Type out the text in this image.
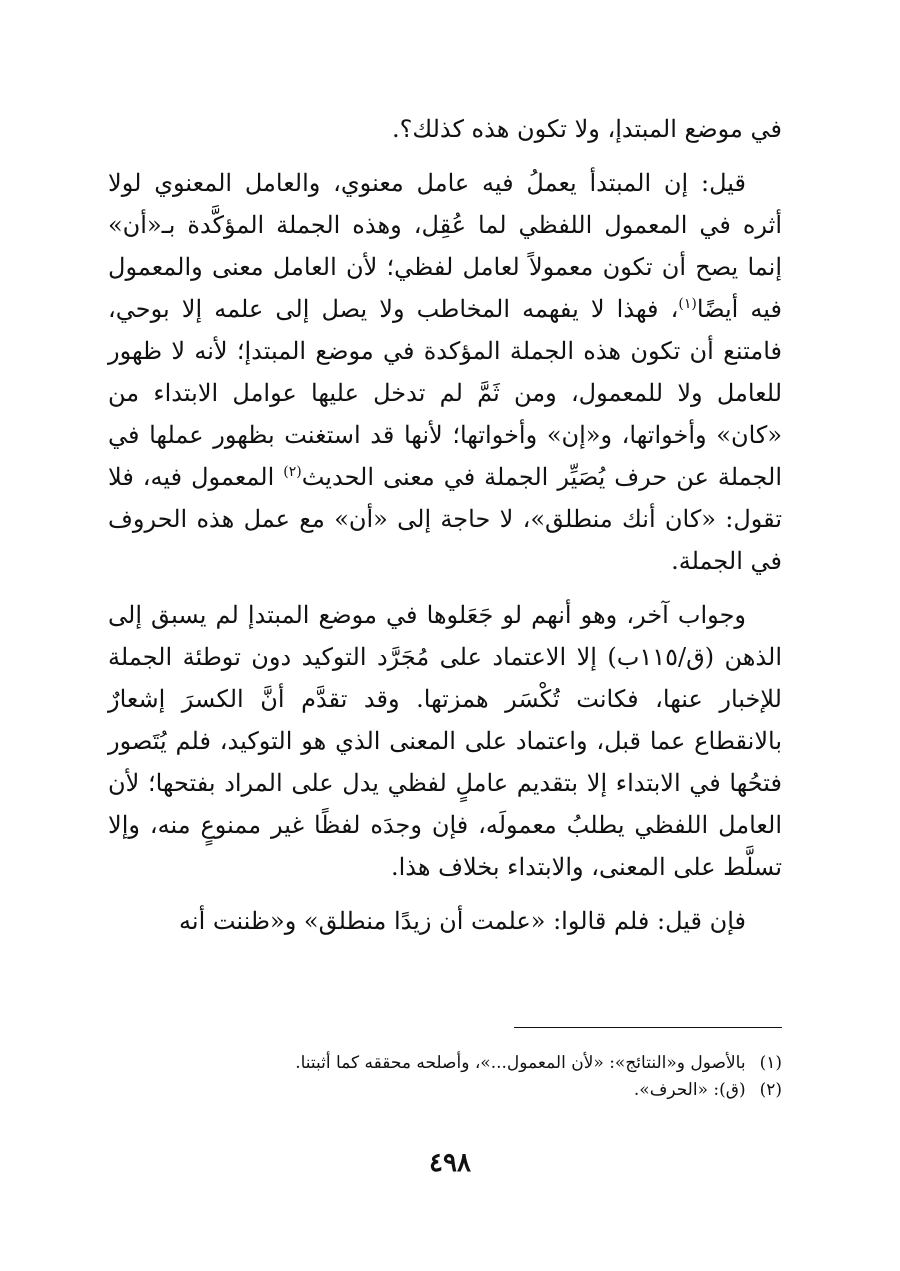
في موضع المبتدإ، ولا تكون هذه كذلك؟.

قيل: إن المبتدأ يعملُ فيه عامل معنوي، والعامل المعنوي لولا أثره في المعمول اللفظي لما عُقِل، وهذه الجملة المؤكَّدة بـ«أن» إنما يصح أن تكون معمولاً لعامل لفظي؛ لأن العامل معنى والمعمول فيه أيضًا$^{(١)}$، فهذا لا يفهمه المخاطب ولا يصل إلى علمه إلا بوحي، فامتنع أن تكون هذه الجملة المؤكدة في موضع المبتدإ؛ لأنه لا ظهور للعامل ولا للمعمول، ومن ثَمَّ لم تدخل عليها عوامل الابتداء من «كان» وأخواتها، و«إن» وأخواتها؛ لأنها قد استغنت بظهور عملها في الجملة عن حرف يُصَيِّر الجملة في معنى الحديث$^{(٢)}$ المعمول فيه، فلا تقول: «كان أنك منطلق»، لا حاجة إلى «أن» مع عمل هذه الحروف في الجملة.

وجواب آخر، وهو أنهم لو جَعَلوها في موضع المبتدإ لم يسبق إلى الذهن (ق/١١٥ب) إلا الاعتماد على مُجَرَّد التوكيد دون توطئة الجملة للإخبار عنها، فكانت تُكْسَر همزتها. وقد تقدَّم أنَّ الكسرَ إشعارٌ بالانقطاع عما قبل، واعتماد على المعنى الذي هو التوكيد، فلم يُتَصور فتحُها في الابتداء إلا بتقديم عاملٍ لفظي يدل على المراد بفتحها؛ لأن العامل اللفظي يطلبُ معمولَه، فإن وجدَه لفظًا غير ممنوعٍ منه، وإلا تسلَّط على المعنى، والابتداء بخلاف هذا.

فإن قيل: فلم قالوا: «علمت أن زيدًا منطلق» و«ظننت أنه

(١)بالأصول و«النتائج»: «لأن المعمول...»، وأصلحه محققه كما أثبتنا.

(٢)(ق): «الحرف».

٤٩٨
